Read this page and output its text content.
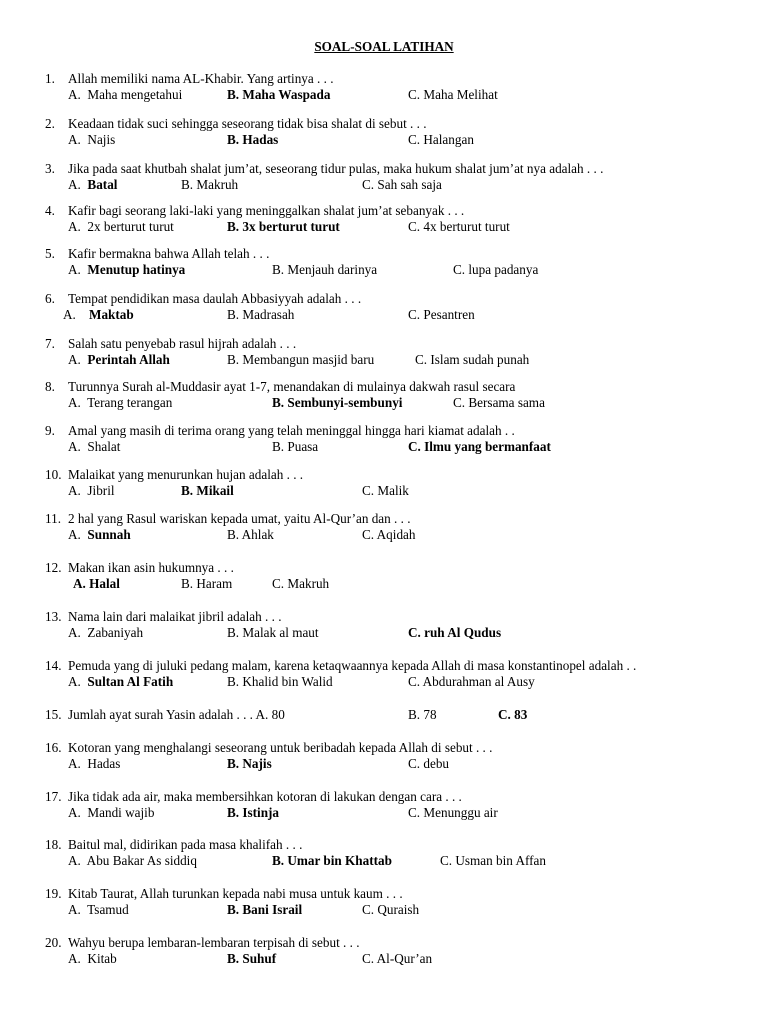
SOAL-SOAL LATIHAN
1. Allah memiliki nama AL-Khabir. Yang artinya . . .
A.  Maha mengetahui	B. Maha Waspada	C. Maha Melihat
2. Keadaan tidak suci sehingga seseorang tidak bisa shalat di sebut . . .
A.  Najis	B. Hadas	C. Halangan
3. Jika pada saat khutbah shalat jum’at, seseorang tidur pulas, maka hukum shalat jum’at nya adalah . . .
A.  Batal	B. Makruh	C. Sah sah saja
4. Kafir bagi seorang laki-laki yang meninggalkan shalat jum’at sebanyak . . .
A.  2x berturut turut	B. 3x berturut turut	C. 4x berturut turut
5. Kafir bermakna bahwa Allah telah . . .
A.  Menutup hatinya	B. Menjauh darinya	C. lupa padanya
6. Tempat pendidikan masa daulah Abbasiyyah adalah . . .
A.    Maktab	B. Madrasah	C. Pesantren
7. Salah satu penyebab rasul hijrah adalah . . .
A.  Perintah Allah	B. Membangun masjid baru	C. Islam sudah punah
8. Turunnya Surah al-Muddasir ayat 1-7, menandakan di mulainya dakwah rasul secara
A.  Terang terangan	B. Sembunyi-sembunyi	C. Bersama sama
9. Amal yang masih di terima orang yang telah meninggal hingga hari kiamat adalah . .
A.  Shalat	B. Puasa	C. Ilmu yang bermanfaat
10. Malaikat yang menurunkan hujan adalah . . .
A.  Jibril	B. Mikail	C. Malik
11. 2 hal yang Rasul wariskan kepada umat, yaitu Al-Qur’an dan . . .
A.  Sunnah	B. Ahlak	C. Aqidah
12. Makan ikan asin hukumnya . . .
A. Halal	B. Haram	C. Makruh
13. Nama lain dari malaikat jibril adalah . . .
A.  Zabaniyah	B. Malak al maut	C. ruh Al Qudus
14. Pemuda yang di juluki pedang malam, karena ketaqwaannya kepada Allah di masa konstantinopel adalah . .
A.  Sultan Al Fatih	B. Khalid bin Walid	C. Abdurahman al Ausy
15. Jumlah ayat surah Yasin adalah . . . A. 80	B. 78	C. 83
16. Kotoran yang menghalangi seseorang untuk beribadah kepada Allah di sebut . . .
A.  Hadas	B. Najis	C. debu
17. Jika tidak ada air, maka membersihkan kotoran di lakukan dengan cara . . .
A.  Mandi wajib	B. Istinja	C. Menunggu air
18. Baitul mal, didirikan pada masa khalifah . . .
A.  Abu Bakar As siddiq	B. Umar bin Khattab	C. Usman bin Affan
19. Kitab Taurat, Allah turunkan kepada nabi musa untuk kaum . . .
A.  Tsamud	B. Bani Israil	C. Quraish
20. Wahyu berupa lembaran-lembaran terpisah di sebut . . .
A.  Kitab	B. Suhuf	C. Al-Qur’an
